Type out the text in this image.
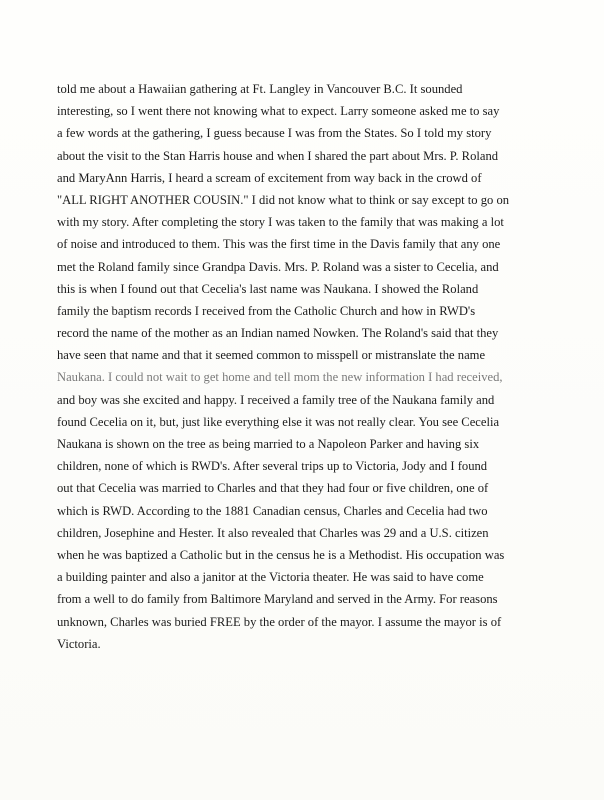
told me about a Hawaiian gathering at Ft. Langley in Vancouver B.C. It sounded
interesting, so I went there not knowing what to expect. Larry someone asked me to say
a few words at the gathering, I guess because I was from the States. So I told my story
about the visit to the Stan Harris house and when I shared the part about Mrs. P. Roland
and MaryAnn Harris, I heard a scream of excitement from way back in the crowd of
"ALL RIGHT ANOTHER COUSIN." I did not know what to think or say except to go on
with my story. After completing the story I was taken to the family that was making a lot
of noise and introduced to them. This was the first time in the Davis family that any one
met the Roland family since Grandpa Davis. Mrs. P. Roland was a sister to Cecelia, and
this is when I found out that Cecelia's last name was Naukana. I showed the Roland
family the baptism records I received from the Catholic Church and how in RWD's
record the name of the mother as an Indian named Nowken. The Roland's said that they
have seen that name and that it seemed common to misspell or mistranslate the name
Naukana. I could not wait to get home and tell mom the new information I had received,
and boy was she excited and happy. I received a family tree of the Naukana family and
found Cecelia on it, but, just like everything else it was not really clear. You see Cecelia
Naukana is shown on the tree as being married to a Napoleon Parker and having six
children, none of which is RWD's. After several trips up to Victoria, Jody and I found
out that Cecelia was married to Charles and that they had four or five children, one of
which is RWD. According to the 1881 Canadian census, Charles and Cecelia had two
children, Josephine and Hester. It also revealed that Charles was 29 and a U.S. citizen
when he was baptized a Catholic but in the census he is a Methodist. His occupation was
a building painter and also a janitor at the Victoria theater. He was said to have come
from a well to do family from Baltimore Maryland and served in the Army. For reasons
unknown, Charles was buried FREE by the order of the mayor. I assume the mayor is of
Victoria.
